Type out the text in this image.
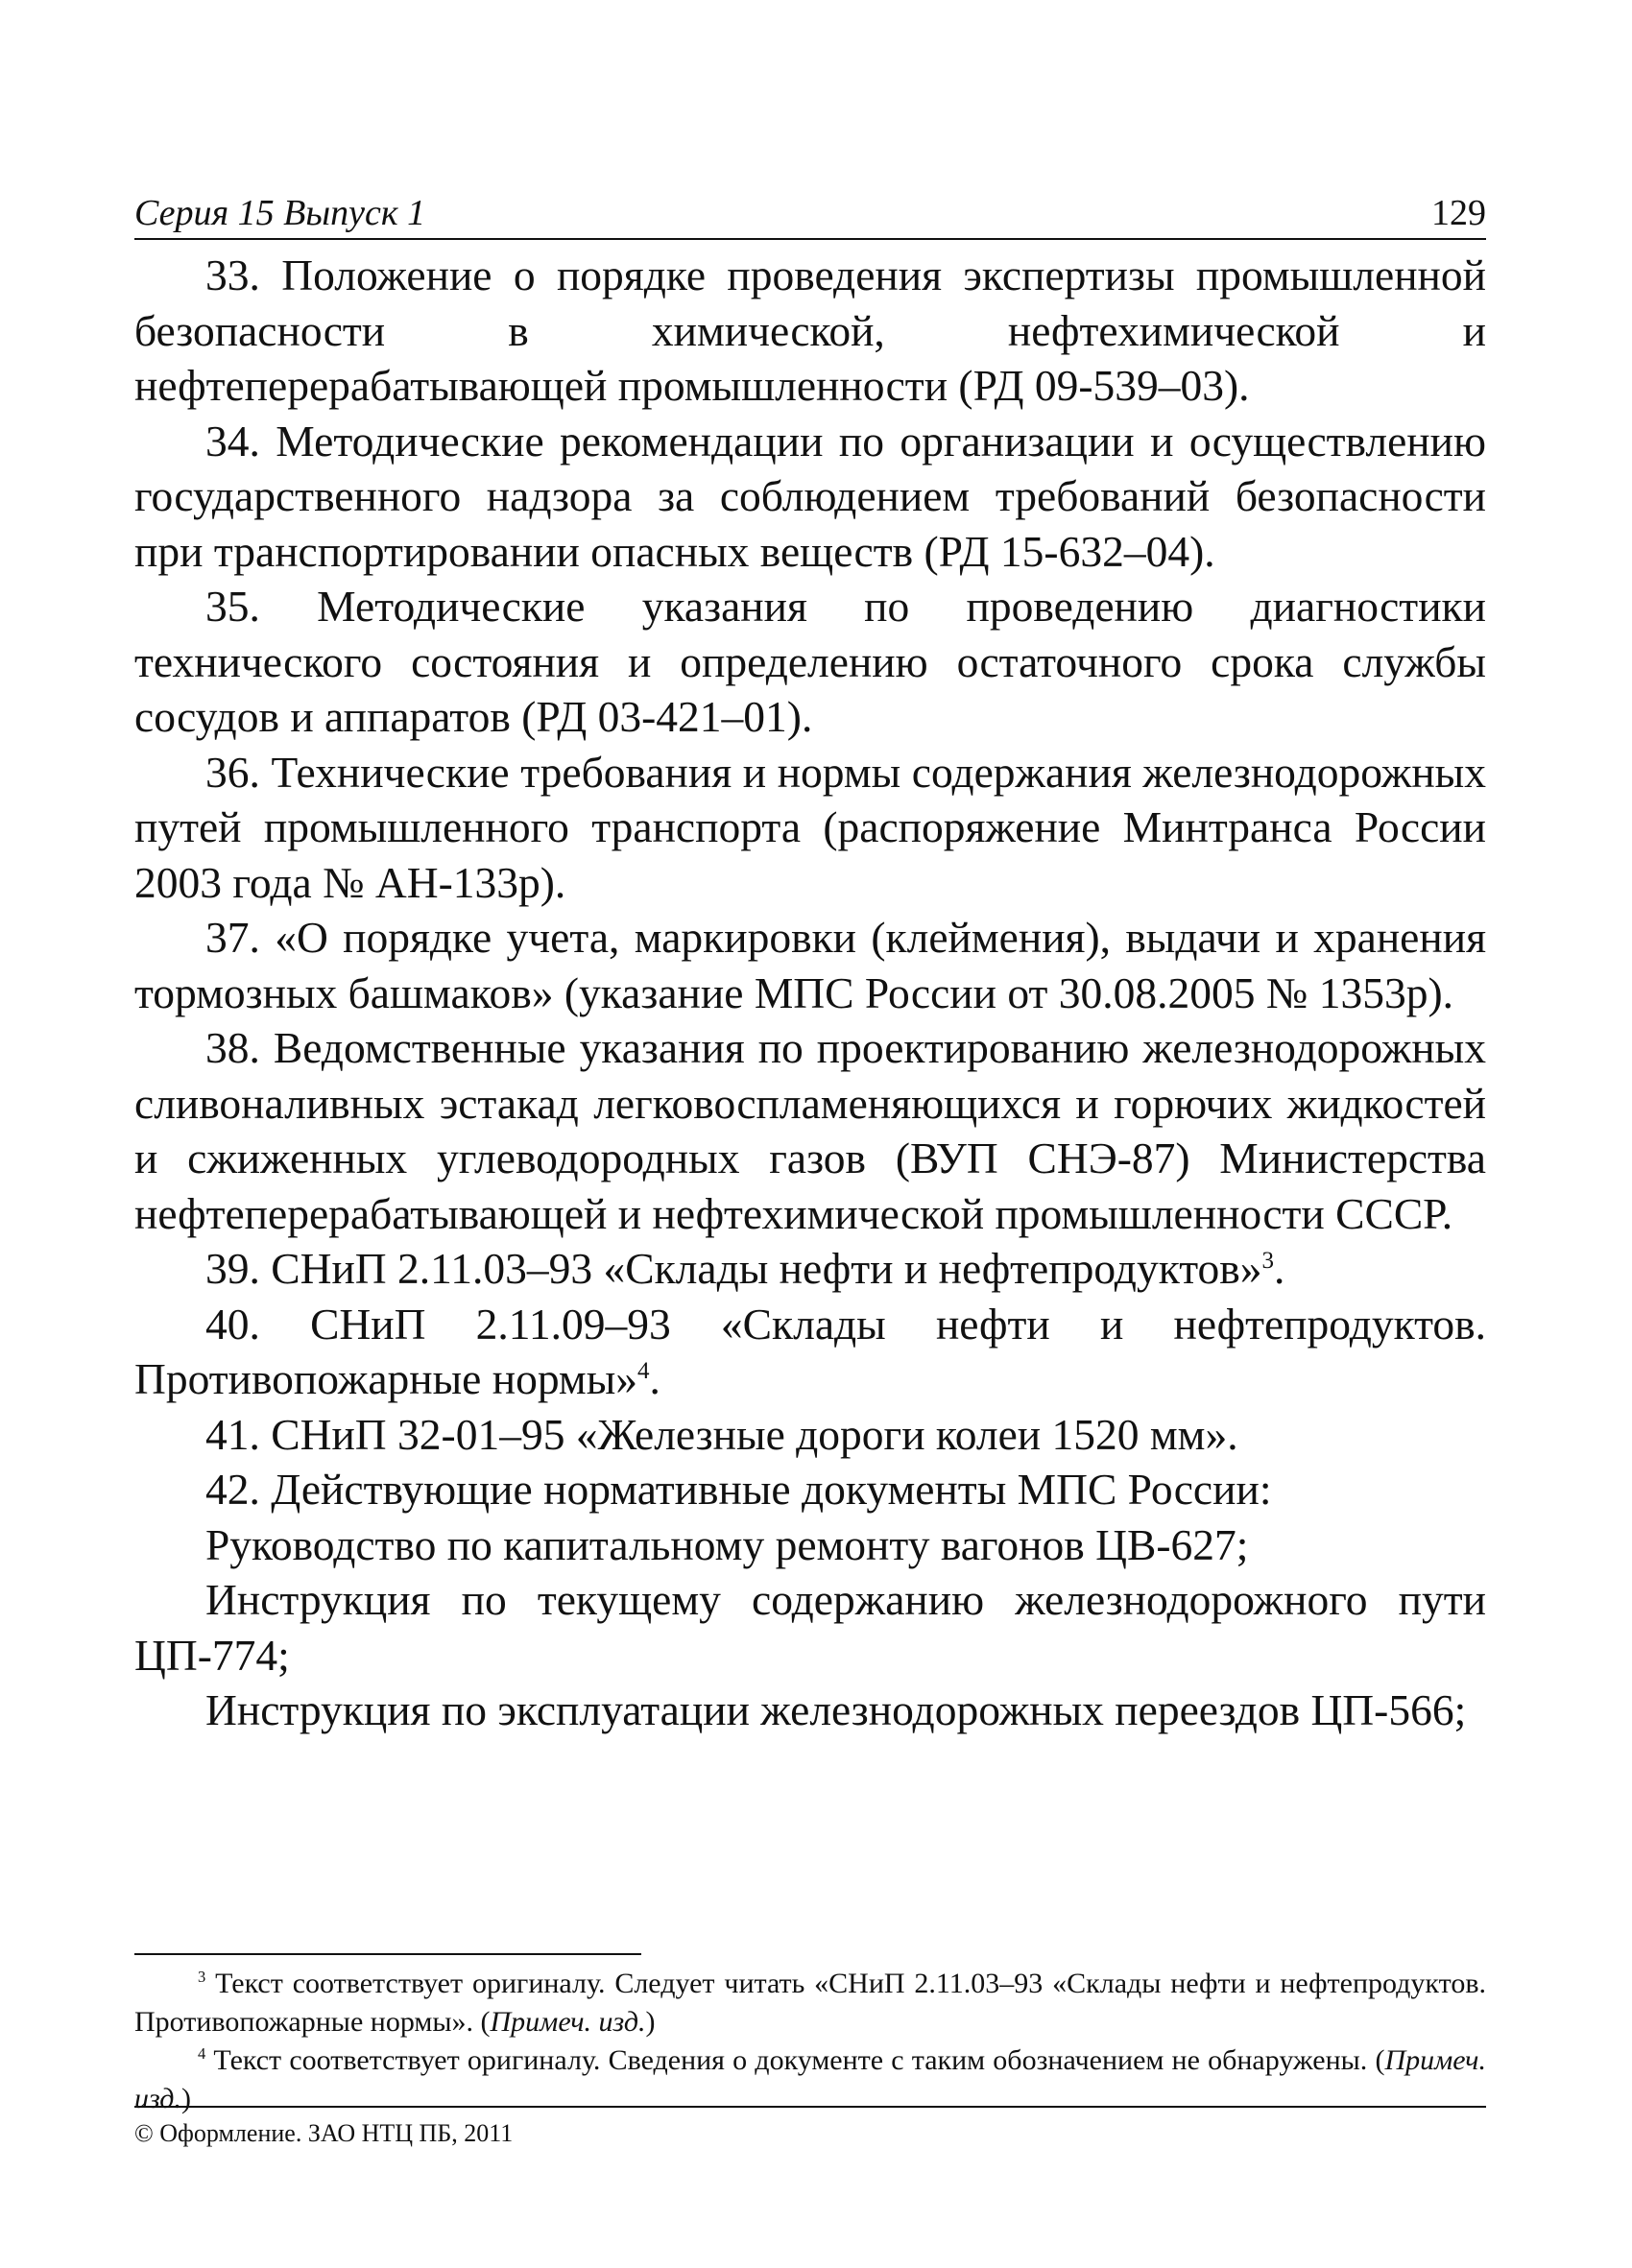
Серия 15 Выпуск 1	129

33. Положение о порядке проведения экспертизы промышленной безопасности в химической, нефтехимической и нефтеперерабатывающей промышленности (РД 09-539–03).

34. Методические рекомендации по организации и осуществлению государственного надзора за соблюдением требований безопасности при транспортировании опасных веществ (РД 15-632–04).

35. Методические указания по проведению диагностики технического состояния и определению остаточного срока службы сосудов и аппаратов (РД 03-421–01).

36. Технические требования и нормы содержания железнодорожных путей промышленного транспорта (распоряжение Минтранса России 2003 года № АН-133р).

37. «О порядке учета, маркировки (клеймения), выдачи и хранения тормозных башмаков» (указание МПС России от 30.08.2005 № 1353р).

38. Ведомственные указания по проектированию железнодорожных сливоналивных эстакад легковоспламеняющихся и горючих жидкостей и сжиженных углеводородных газов (ВУП СНЭ-87) Министерства нефтеперерабатывающей и нефтехимической промышленности СССР.

39. СНиП 2.11.03–93 «Склады нефти и нефтепродуктов»$^3$.

40. СНиП 2.11.09–93 «Склады нефти и нефтепродуктов. Противопожарные нормы»$^4$.

41. СНиП 32-01–95 «Железные дороги колеи 1520 мм».

42. Действующие нормативные документы МПС России:

Руководство по капитальному ремонту вагонов ЦВ-627;

Инструкция по текущему содержанию железнодорожного пути ЦП-774;

Инструкция по эксплуатации железнодорожных переездов ЦП-566;

$^3$ Текст соответствует оригиналу. Следует читать «СНиП 2.11.03–93 «Склады нефти и нефтепродуктов. Противопожарные нормы». (Примеч. изд.)

$^4$ Текст соответствует оригиналу. Сведения о документе с таким обозначением не обнаружены. (Примеч. изд.)

© Оформление. ЗАО НТЦ ПБ, 2011
